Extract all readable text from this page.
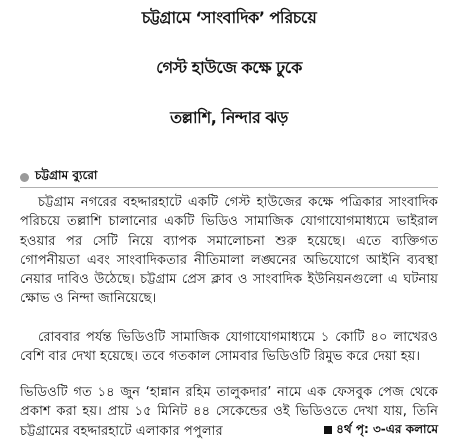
চট্টগ্রামে ‘সাংবাদিক’ পরিচয়ে
গেস্ট হাউজে কক্ষে ঢুকে
তল্লাশি, নিন্দার ঝড়
চট্টগ্রাম ব্যুরো

চট্টগ্রাম নগরের বহদ্দারহাটে একটি গেস্ট হাউজের কক্ষে পত্রিকার সাংবাদিক পরিচয়ে তল্লাশি চালানোর একটি ভিডিও সামাজিক যোগাযোগমাধ্যমে ভাইরাল হওয়ার পর সেটি নিয়ে ব্যাপক সমালোচনা শুরু হয়েছে। এতে ব্যক্তিগত গোপনীয়তা এবং সাংবাদিকতার নীতিমালা লঙ্ঘনের অভিযোগে আইনি ব্যবস্থা নেয়ার দাবিও উঠেছে। চট্টগ্রাম প্রেস ক্লাব ও সাংবাদিক ইউনিয়নগুলো এ ঘটনায় ক্ষোভ ও নিন্দা জানিয়েছে।

রোববার পর্যন্ত ভিডিওটি সামাজিক যোগাযোগমাধ্যমে ১ কোটি ৪০ লাখেরও বেশি বার দেখা হয়েছে। তবে গতকাল সোমবার ভিডিওটি রিমুভ করে দেয়া হয়।

ভিডিওটি গত ১৪ জুন ‘হান্নান রহিম তালুকদার’ নামে এক ফেসবুক পেজ থেকে প্রকাশ করা হয়। প্রায় ১৫ মিনিট ৪৪ সেকেন্ডের ওই ভিডিওতে দেখা যায়, তিনি চট্টগ্রামের বহদ্দারহাটে এলাকার পপুলার	৪র্থ পৃ: ৩-এর কলামে
